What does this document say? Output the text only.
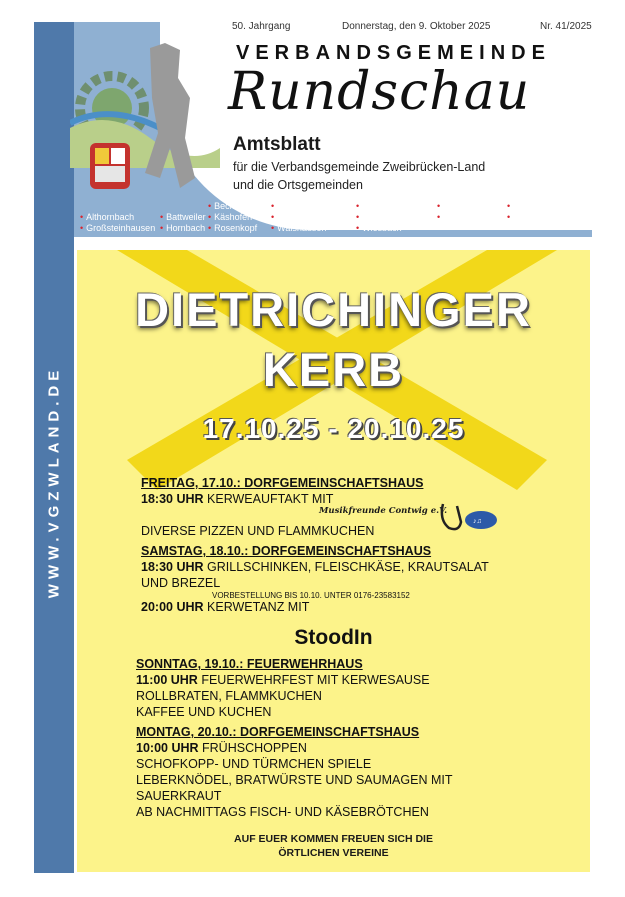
WWW.VGZWLAND.DE
50. Jahrgang	Donnerstag, den 9. Oktober 2025	Nr. 41/2025
VERBANDSGEMEINDE
Rundschau
Amtsblatt
für die Verbandsgemeinde Zweibrücken-Land
und die Ortsgemeinden
• Bechhofen • Contwig	• Dellfeld	• Dietrichingen • Großbundenbach
• Althornbach	• Battweiler • Käshofen • Kleinbundenbach • Kleinsteinhausen • Mauschbach • Riedelberg
• Großsteinhausen • Hornbach • Rosenkopf • Walshausen	• Wiesbach
DIETRICHINGER
KERB
17.10.25 - 20.10.25
FREITAG, 17.10.: DORFGEMEINSCHAFTSHAUS
18:30 UHR KERWEAUFTAKT MIT
Musikfreunde Contwig e.V.
♪♫
DIVERSE PIZZEN UND FLAMMKUCHEN
SAMSTAG, 18.10.: DORFGEMEINSCHAFTSHAUS
18:30 UHR GRILLSCHINKEN, FLEISCHKÄSE, KRAUTSALAT
UND BREZEL
VORBESTELLUNG BIS 10.10. UNTER 0176-23583152
20:00 UHR KERWETANZ MIT
StoodIn
SONNTAG, 19.10.: FEUERWEHRHAUS
11:00 UHR FEUERWEHRFEST MIT KERWESAUSE
ROLLBRATEN, FLAMMKUCHEN
KAFFEE UND KUCHEN
MONTAG, 20.10.: DORFGEMEINSCHAFTSHAUS
10:00 UHR FRÜHSCHOPPEN
SCHOFKOPP- UND TÜRMCHEN SPIELE
LEBERKNÖDEL, BRATWÜRSTE UND SAUMAGEN MIT
SAUERKRAUT
AB NACHMITTAGS FISCH- UND KÄSEBRÖTCHEN
AUF EUER KOMMEN FREUEN SICH DIE
ÖRTLICHEN VEREINE
